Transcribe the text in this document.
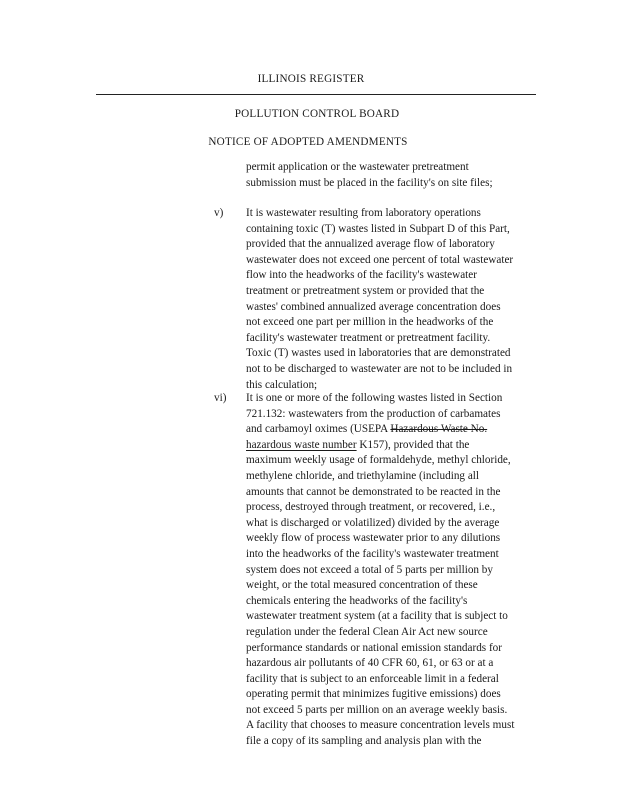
ILLINOIS REGISTER
POLLUTION CONTROL BOARD
NOTICE OF ADOPTED AMENDMENTS
permit application or the wastewater pretreatment
submission must be placed in the facility's on site files;
v)	It is wastewater resulting from laboratory operations
containing toxic (T) wastes listed in Subpart D of this Part,
provided that the annualized average flow of laboratory
wastewater does not exceed one percent of total wastewater
flow into the headworks of the facility's wastewater
treatment or pretreatment system or provided that the
wastes' combined annualized average concentration does
not exceed one part per million in the headworks of the
facility's wastewater treatment or pretreatment facility.
Toxic (T) wastes used in laboratories that are demonstrated
not to be discharged to wastewater are not to be included in
this calculation;
vi)	It is one or more of the following wastes listed in Section
721.132: wastewaters from the production of carbamates
and carbamoyl oximes (USEPA Hazardous Waste No.
hazardous waste number K157), provided that the
maximum weekly usage of formaldehyde, methyl chloride,
methylene chloride, and triethylamine (including all
amounts that cannot be demonstrated to be reacted in the
process, destroyed through treatment, or recovered, i.e.,
what is discharged or volatilized) divided by the average
weekly flow of process wastewater prior to any dilutions
into the headworks of the facility's wastewater treatment
system does not exceed a total of 5 parts per million by
weight, or the total measured concentration of these
chemicals entering the headworks of the facility's
wastewater treatment system (at a facility that is subject to
regulation under the federal Clean Air Act new source
performance standards or national emission standards for
hazardous air pollutants of 40 CFR 60, 61, or 63 or at a
facility that is subject to an enforceable limit in a federal
operating permit that minimizes fugitive emissions) does
not exceed 5 parts per million on an average weekly basis.
A facility that chooses to measure concentration levels must
file a copy of its sampling and analysis plan with the
